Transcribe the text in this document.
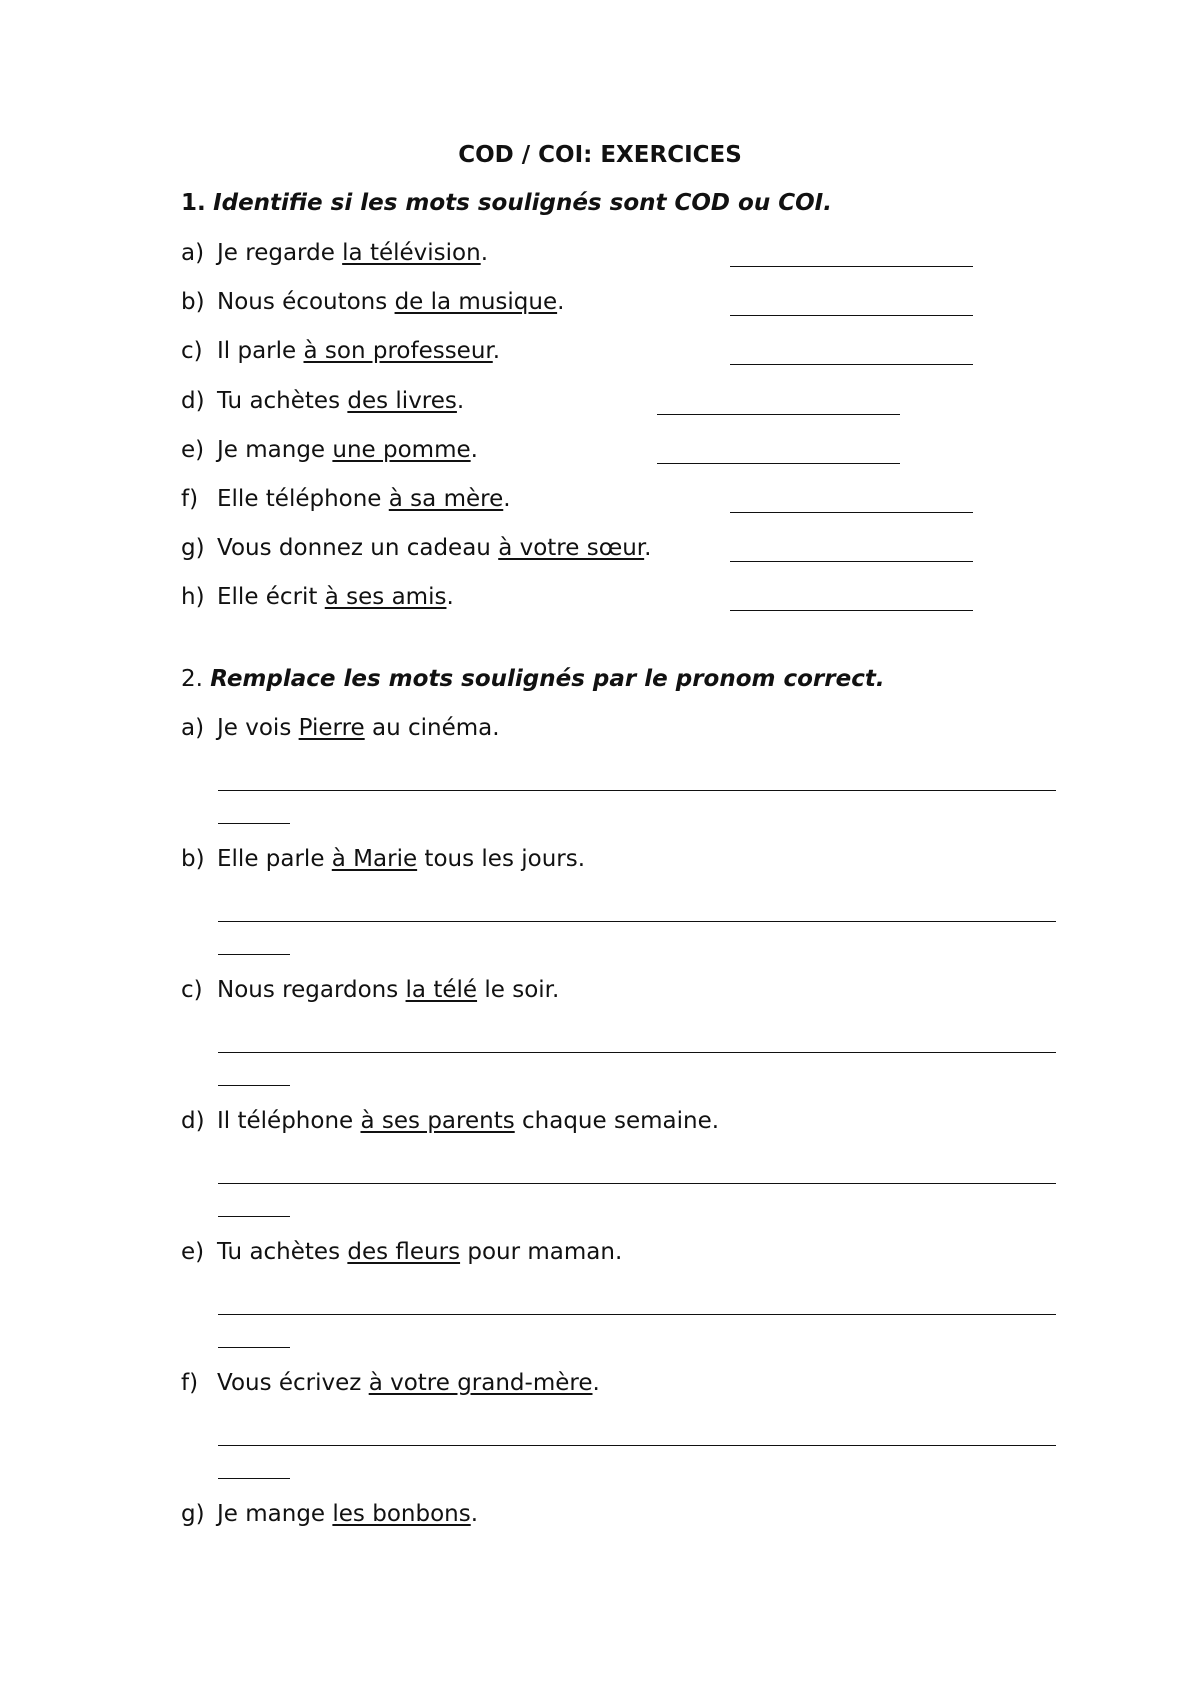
COD / COI: EXERCICES
1. Identifie si les mots soulignés sont COD ou COI.
a) Je regarde la télévision.
b) Nous écoutons de la musique.
c) Il parle à son professeur.
d) Tu achètes des livres.
e) Je mange une pomme.
f) Elle téléphone à sa mère.
g) Vous donnez un cadeau à votre sœur.
h) Elle écrit à ses amis.
2. Remplace les mots soulignés par le pronom correct.
a) Je vois Pierre au cinéma.
b) Elle parle à Marie tous les jours.
c) Nous regardons la télé le soir.
d) Il téléphone à ses parents chaque semaine.
e) Tu achètes des fleurs pour maman.
f) Vous écrivez à votre grand-mère.
g) Je mange les bonbons.
